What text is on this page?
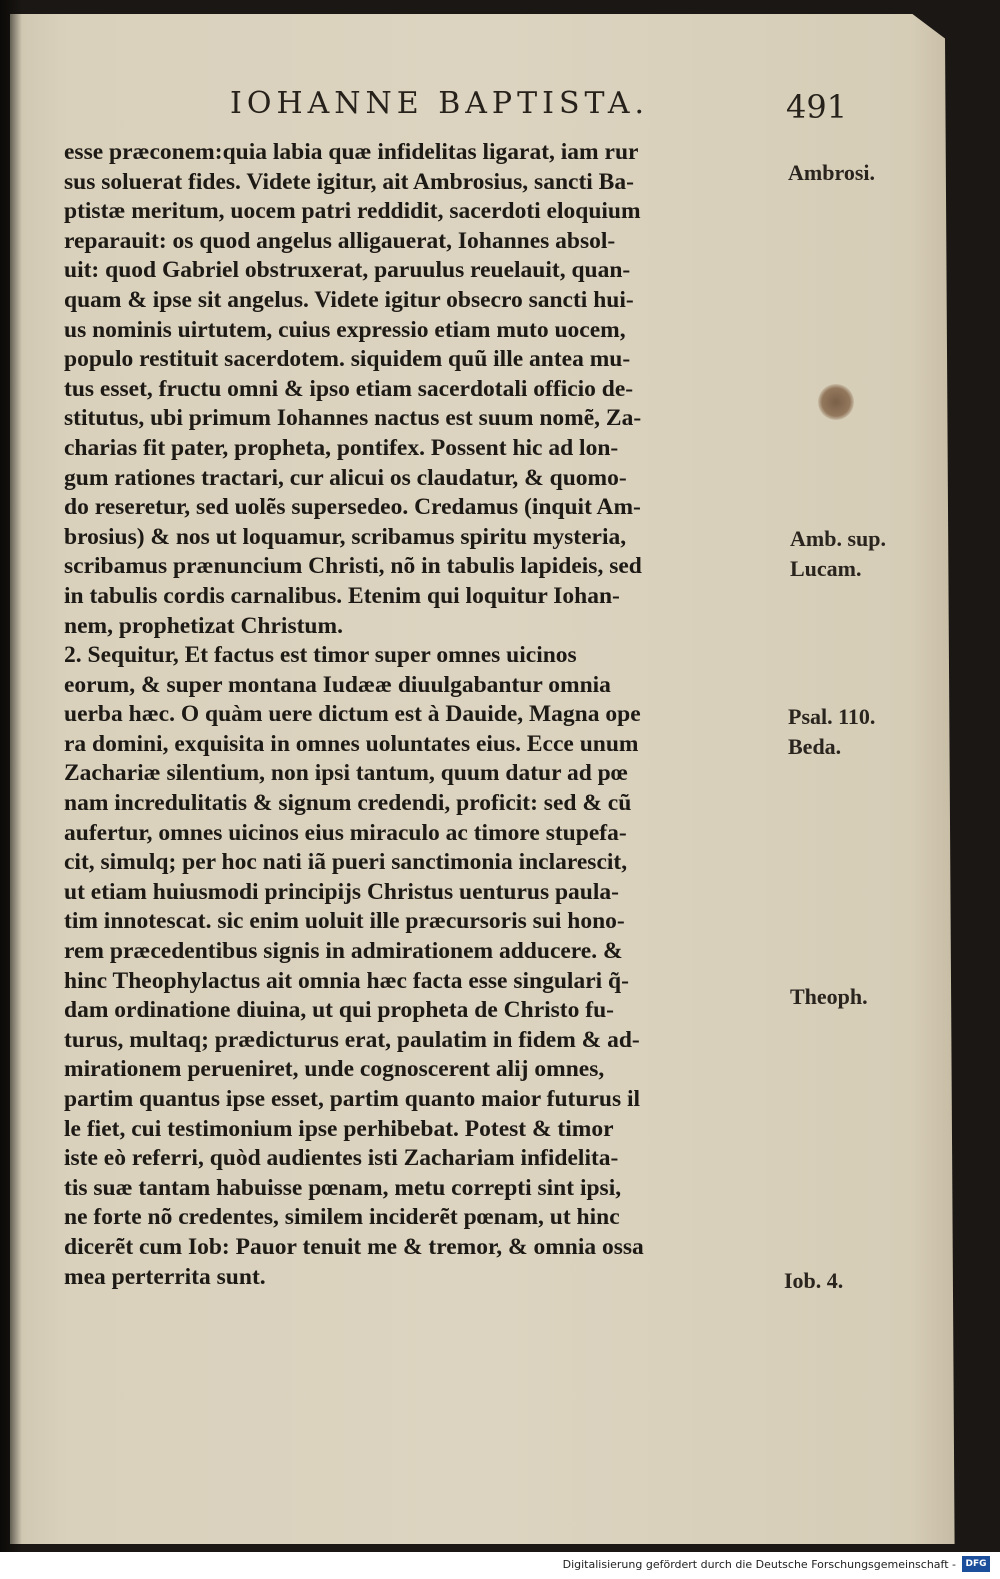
IOHANNE BAPTISTA.	491
esse præconem:quia labia quæ infidelitas ligarat, iam rur
sus soluerat fides. Videte igitur, ait Ambrosius, sancti Ba-
ptistæ meritum, uocem patri reddidit, sacerdoti eloquium
reparauit: os quod angelus alligauerat, Iohannes absol-
uit: quod Gabriel obstruxerat, paruulus reuelauit, quan-
quam & ipse sit angelus. Videte igitur obsecro sancti hui-
us nominis uirtutem, cuius expressio etiam muto uocem,
populo restituit sacerdotem. siquidem quũ ille antea mu-
tus esset, fructu omni & ipso etiam sacerdotali officio de-
stitutus, ubi primum Iohannes nactus est suum nomẽ, Za-
charias fit pater, propheta, pontifex. Possent hic ad lon-
gum rationes tractari, cur alicui os claudatur, & quomo-
do reseretur, sed uolẽs supersedeo. Credamus (inquit Am-
brosius) & nos ut loquamur, scribamus spiritu mysteria,
scribamus prænuncium Christi, nõ in tabulis lapideis, sed
in tabulis cordis carnalibus. Etenim qui loquitur Iohan-
nem, prophetizat Christum.
2. Sequitur, Et factus est timor super omnes uicinos
eorum, & super montana Iudææ diuulgabantur omnia
uerba hæc. O quàm uere dictum est à Dauide, Magna ope
ra domini, exquisita in omnes uoluntates eius. Ecce unum
Zachariæ silentium, non ipsi tantum, quum datur ad pœ
nam incredulitatis & signum credendi, proficit: sed & cũ
aufertur, omnes uicinos eius miraculo ac timore stupefa-
cit, simulq; per hoc nati iã pueri sanctimonia inclarescit,
ut etiam huiusmodi principijs Christus uenturus paula-
tim innotescat. sic enim uoluit ille præcursoris sui hono-
rem præcedentibus signis in admirationem adducere. &
hinc Theophylactus ait omnia hæc facta esse singulari q̃-
dam ordinatione diuina, ut qui propheta de Christo fu-
turus, multaq; prædicturus erat, paulatim in fidem & ad-
mirationem perueniret, unde cognoscerent alij omnes,
partim quantus ipse esset, partim quanto maior futurus il
le fiet, cui testimonium ipse perhibebat. Potest & timor
iste eò referri, quòd audientes isti Zachariam infidelita-
tis suæ tantam habuisse pœnam, metu correpti sint ipsi,
ne forte nõ credentes, similem inciderẽt pœnam, ut hinc
dicerẽt cum Iob: Pauor tenuit me & tremor, & omnia ossa
mea perterrita sunt.
Ambrosi.
Amb. sup.
Lucam.
Psal. 110.
Beda.
Theoph.
Iob. 4.
Digitalisierung gefördert durch die Deutsche Forschungsgemeinschaft -	DFG
